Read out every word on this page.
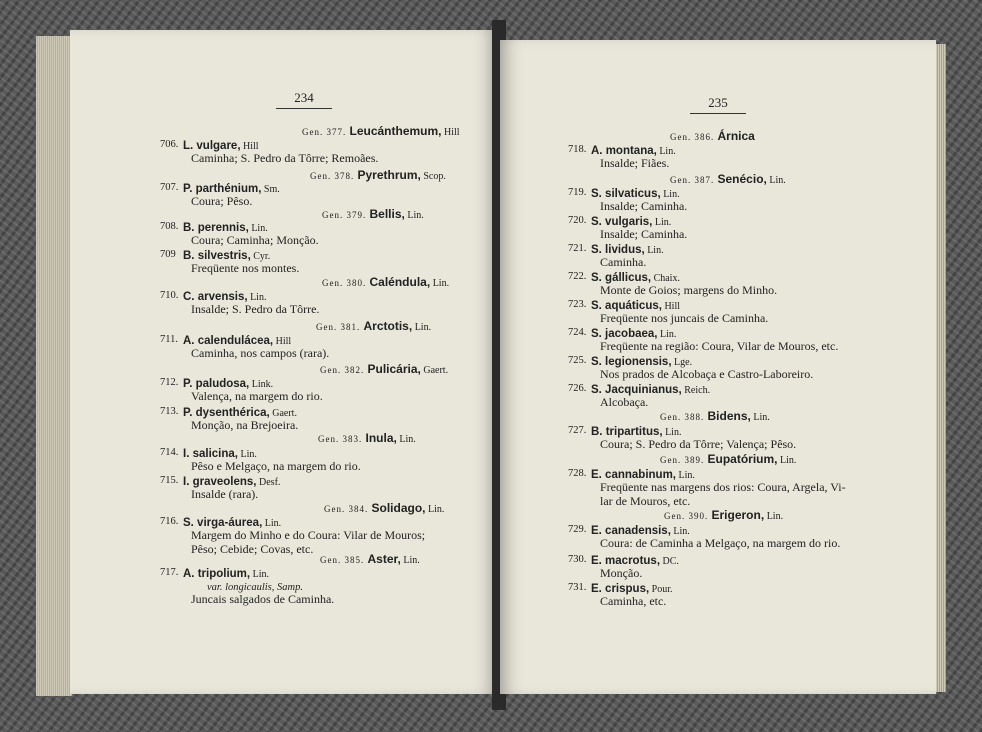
234
Gen. 377. Leucánthemum, Hill
706. L. vulgare, Hill
Caminha; S. Pedro da Tôrre; Remoães.
Gen. 378. Pyrethrum, Scop.
707. P. parthénium, Sm.
Coura; Pêso.
Gen. 379. Bellis, Lin.
708. B. perennis, Lin.
Coura; Caminha; Monção.
709 B. silvestris, Cyr.
Freqüente nos montes.
Gen. 380. Caléndula, Lin.
710. C. arvensis, Lin.
Insalde; S. Pedro da Tôrre.
Gen. 381. Arctotis, Lin.
711. A. calenduláceа, Hill
Caminha, nos campos (rara).
Gen. 382. Pulicária, Gaert.
712. P. paludosa, Link.
Valença, na margem do rio.
713. P. dysenthérica, Gaert.
Monção, na Brejoeira.
Gen. 383. Inula, Lin.
714. I. salicina, Lin.
Pêso e Melgaço, na margem do rio.
715. I. graveolens, Desf.
Insalde (rara).
Gen. 384. Solidago, Lin.
716. S. virga-áurea, Lin.
Margem do Minho e do Coura: Vilar de Mouros;
Pêso; Cebide; Covas, etc.
Gen. 385. Aster, Lin.
717. A. tripolium, Lin.
var. longicaulis, Samp.
Juncais salgados de Caminha.
235
Gen. 386. Árnica
718. A. montana, Lin.
Insalde; Fiães.
Gen. 387. Senécio, Lin.
719. S. silvaticus, Lin.
Insalde; Caminha.
720. S. vulgaris, Lin.
Insalde; Caminha.
721. S. lividus, Lin.
Caminha.
722. S. gállicus, Chaix.
Monte de Goios; margens do Minho.
723. S. aquáticus, Hill
Freqüente nos juncais de Caminha.
724. S. jacobaea, Lin.
Freqüente na região: Coura, Vilar de Mouros, etc.
725. S. legionensis, Lge.
Nos prados de Alcobaça e Castro-Laboreiro.
726. S. Jacquinianus, Reich.
Alcobaça.
Gen. 388. Bidens, Lin.
727. B. tripartitus, Lin.
Coura; S. Pedro da Tôrre; Valença; Pêso.
Gen. 389. Eupatórium, Lin.
728. E. cannabinum, Lin.
Freqüente nas margens dos rios: Coura, Argela, Vi-
lar de Mouros, etc.
Gen. 390. Erigeron, Lin.
729. E. canadensis, Lin.
Coura: de Caminha a Melgaço, na margem do rio.
730. E. macrotus, DC.
Monção.
731. E. crispus, Pour.
Caminha, etc.
